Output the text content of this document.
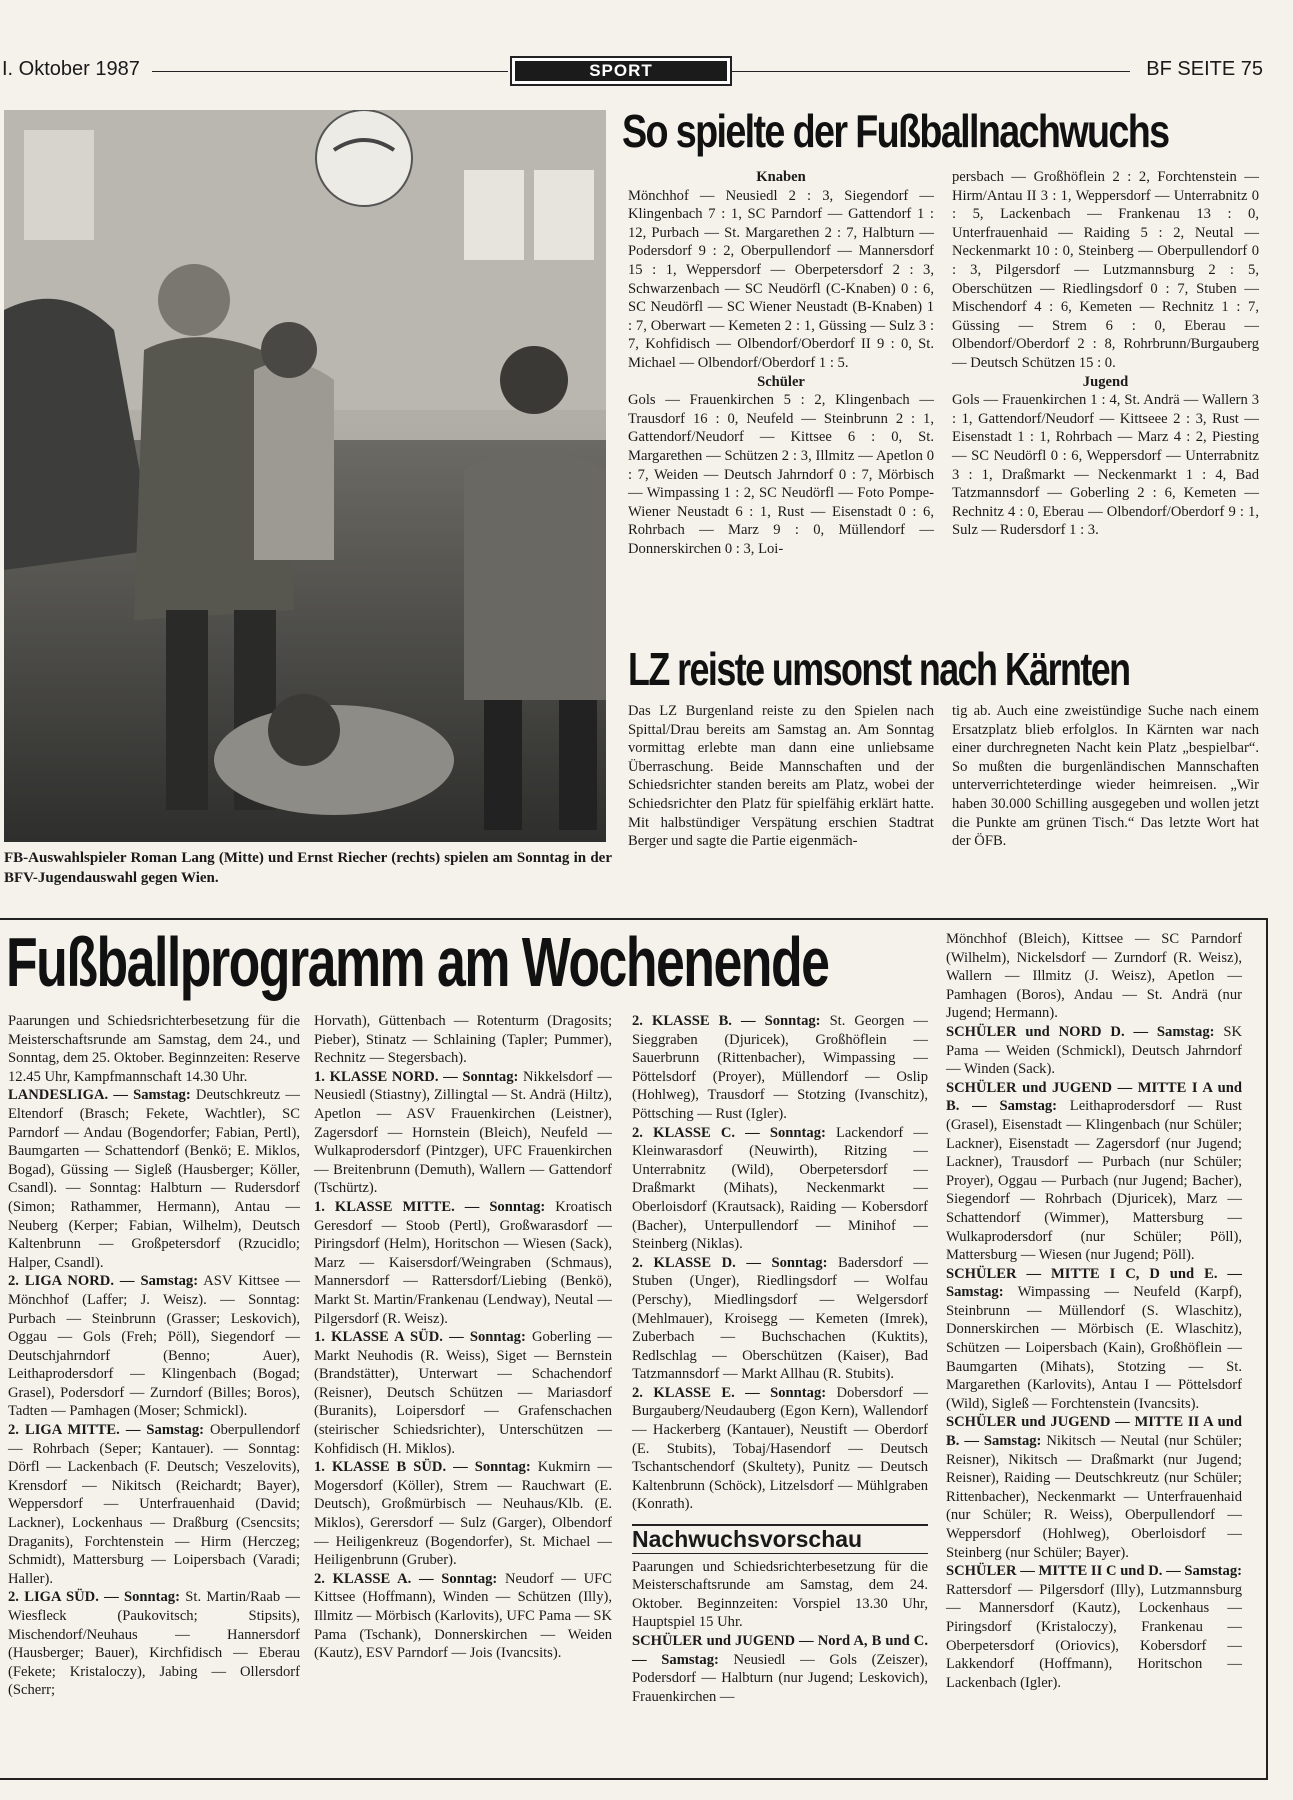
I. Oktober 1987	SPORT	BF SEITE 75
FB-Auswahlspieler Roman Lang (Mitte) und Ernst Riecher (rechts) spielen am Sonntag in der BFV-Jugendauswahl gegen Wien.
So spielte der Fußballnachwuchs

Knaben

Mönchhof — Neusiedl 2 : 3, Siegendorf — Klingenbach 7 : 1, SC Parndorf — Gattendorf 1 : 12, Purbach — St. Margarethen 2 : 7, Halbturn — Podersdorf 9 : 2, Oberpullendorf — Mannersdorf 15 : 1, Weppersdorf — Oberpetersdorf 2 : 3, Schwarzenbach — SC Neudörfl (C-Knaben) 0 : 6, SC Neudörfl — SC Wiener Neustadt (B-Knaben) 1 : 7, Oberwart — Kemeten 2 : 1, Güssing — Sulz 3 : 7, Kohfidisch — Olbendorf/Oberdorf II 9 : 0, St. Michael — Olbendorf/Oberdorf 1 : 5.

Schüler

Gols — Frauenkirchen 5 : 2, Klingenbach — Trausdorf 16 : 0, Neufeld — Steinbrunn 2 : 1, Gattendorf/Neudorf — Kittsee 6 : 0, St. Margarethen — Schützen 2 : 3, Illmitz — Apetlon 0 : 7, Weiden — Deutsch Jahrndorf 0 : 7, Mörbisch — Wimpassing 1 : 2, SC Neudörfl — Foto Pompe-Wiener Neustadt 6 : 1, Rust — Eisenstadt 0 : 6, Rohrbach — Marz 9 : 0, Müllendorf — Donnerskirchen 0 : 3, Loi-

persbach — Großhöflein 2 : 2, Forchtenstein — Hirm/Antau II 3 : 1, Weppersdorf — Unterrabnitz 0 : 5, Lackenbach — Frankenau 13 : 0, Unterfrauenhaid — Raiding 5 : 2, Neutal — Neckenmarkt 10 : 0, Steinberg — Oberpullendorf 0 : 3, Pilgersdorf — Lutzmannsburg 2 : 5, Oberschützen — Riedlingsdorf 0 : 7, Stuben — Mischendorf 4 : 6, Kemeten — Rechnitz 1 : 7, Güssing — Strem 6 : 0, Eberau — Olbendorf/Oberdorf 2 : 8, Rohrbrunn/Burgauberg — Deutsch Schützen 15 : 0.

Jugend

Gols — Frauenkirchen 1 : 4, St. Andrä — Wallern 3 : 1, Gattendorf/Neudorf — Kittseee 2 : 3, Rust — Eisenstadt 1 : 1, Rohrbach — Marz 4 : 2, Piesting — SC Neudörfl 0 : 6, Weppersdorf — Unterrabnitz 3 : 1, Draßmarkt — Neckenmarkt 1 : 4, Bad Tatzmannsdorf — Goberling 2 : 6, Kemeten — Rechnitz 4 : 0, Eberau — Olbendorf/Oberdorf 9 : 1, Sulz — Rudersdorf 1 : 3.

LZ reiste umsonst nach Kärnten

Das LZ Burgenland reiste zu den Spielen nach Spittal/Drau bereits am Samstag an. Am Sonntag vormittag erlebte man dann eine unliebsame Überraschung. Beide Mannschaften und der Schiedsrichter standen bereits am Platz, wobei der Schiedsrichter den Platz für spielfähig erklärt hatte. Mit halbstündiger Verspätung erschien Stadtrat Berger und sagte die Partie eigenmäch-

tig ab. Auch eine zweistündige Suche nach einem Ersatzplatz blieb erfolglos. In Kärnten war nach einer durchregneten Nacht kein Platz „bespielbar“. So mußten die burgenländischen Mannschaften unterverrichteterdinge wieder heimreisen. „Wir haben 30.000 Schilling ausgegeben und wollen jetzt die Punkte am grünen Tisch.“ Das letzte Wort hat der ÖFB.

Fußballprogramm am Wochenende

Paarungen und Schiedsrichterbesetzung für die Meisterschaftsrunde am Samstag, dem 24., und Sonntag, dem 25. Oktober. Beginnzeiten: Reserve 12.45 Uhr, Kampfmannschaft 14.30 Uhr.

LANDESLIGA. — Samstag: Deutschkreutz — Eltendorf (Brasch; Fekete, Wachtler), SC Parndorf — Andau (Bogendorfer; Fabian, Pertl), Baumgarten — Schattendorf (Benkö; E. Miklos, Bogad), Güssing — Sigleß (Hausberger; Köller, Csandl). — Sonntag: Halbturn — Rudersdorf (Simon; Rathammer, Hermann), Antau — Neuberg (Kerper; Fabian, Wilhelm), Deutsch Kaltenbrunn — Großpetersdorf (Rzucidlo; Halper, Csandl).

2. LIGA NORD. — Samstag: ASV Kittsee — Mönchhof (Laffer; J. Weisz). — Sonntag: Purbach — Steinbrunn (Grasser; Leskovich), Oggau — Gols (Freh; Pöll), Siegendorf — Deutschjahrndorf (Benno; Auer), Leithaprodersdorf — Klingenbach (Bogad; Grasel), Podersdorf — Zurndorf (Billes; Boros), Tadten — Pamhagen (Moser; Schmickl).

2. LIGA MITTE. — Samstag: Oberpullendorf — Rohrbach (Seper; Kantauer). — Sonntag: Dörfl — Lackenbach (F. Deutsch; Veszelovits), Krensdorf — Nikitsch (Reichardt; Bayer), Weppersdorf — Unterfrauenhaid (David; Lackner), Lockenhaus — Draßburg (Csencsits; Draganits), Forchtenstein — Hirm (Herczeg; Schmidt), Mattersburg — Loipersbach (Varadi; Haller).

2. LIGA SÜD. — Sonntag: St. Martin/Raab — Wiesfleck (Paukovitsch; Stipsits), Mischendorf/Neuhaus — Hannersdorf (Hausberger; Bauer), Kirchfidisch — Eberau (Fekete; Kristaloczy), Jabing — Ollersdorf (Scherr;

Horvath), Güttenbach — Rotenturm (Dragosits; Pieber), Stinatz — Schlaining (Tapler; Pummer), Rechnitz — Stegersbach).

1. KLASSE NORD. — Sonntag: Nikkelsdorf — Neusiedl (Stiastny), Zillingtal — St. Andrä (Hiltz), Apetlon — ASV Frauenkirchen (Leistner), Zagersdorf — Hornstein (Bleich), Neufeld — Wulkaprodersdorf (Pintzger), UFC Frauenkirchen — Breitenbrunn (Demuth), Wallern — Gattendorf (Tschürtz).

1. KLASSE MITTE. — Sonntag: Kroatisch Geresdorf — Stoob (Pertl), Großwarasdorf — Piringsdorf (Helm), Horitschon — Wiesen (Sack), Marz — Kaisersdorf/Weingraben (Schmaus), Mannersdorf — Rattersdorf/Liebing (Benkö), Markt St. Martin/Frankenau (Lendway), Neutal — Pilgersdorf (R. Weisz).

1. KLASSE A SÜD. — Sonntag: Goberling — Markt Neuhodis (R. Weiss), Siget — Bernstein (Brandstätter), Unterwart — Schachendorf (Reisner), Deutsch Schützen — Mariasdorf (Buranits), Loipersdorf — Grafenschachen (steirischer Schiedsrichter), Unterschützen — Kohfidisch (H. Miklos).

1. KLASSE B SÜD. — Sonntag: Kukmirn — Mogersdorf (Köller), Strem — Rauchwart (E. Deutsch), Großmürbisch — Neuhaus/Klb. (E. Miklos), Gerersdorf — Sulz (Garger), Olbendorf — Heiligenkreuz (Bogendorfer), St. Michael — Heiligenbrunn (Gruber).

2. KLASSE A. — Sonntag: Neudorf — UFC Kittsee (Hoffmann), Winden — Schützen (Illy), Illmitz — Mörbisch (Karlovits), UFC Pama — SK Pama (Tschank), Donnerskirchen — Weiden (Kautz), ESV Parndorf — Jois (Ivancsits).

2. KLASSE B. — Sonntag: St. Georgen — Sieggraben (Djuricek), Großhöflein — Sauerbrunn (Rittenbacher), Wimpassing — Pöttelsdorf (Proyer), Müllendorf — Oslip (Hohlweg), Trausdorf — Stotzing (Ivanschitz), Pöttsching — Rust (Igler).

2. KLASSE C. — Sonntag: Lackendorf — Kleinwarasdorf (Neuwirth), Ritzing — Unterrabnitz (Wild), Oberpetersdorf — Draßmarkt (Mihats), Neckenmarkt — Oberloisdorf (Krautsack), Raiding — Kobersdorf (Bacher), Unterpullendorf — Minihof — Steinberg (Niklas).

2. KLASSE D. — Sonntag: Badersdorf — Stuben (Unger), Riedlingsdorf — Wolfau (Perschy), Miedlingsdorf — Welgersdorf (Mehlmauer), Kroisegg — Kemeten (Imrek), Zuberbach — Buchschachen (Kuktits), Redlschlag — Oberschützen (Kaiser), Bad Tatzmannsdorf — Markt Allhau (R. Stubits).

2. KLASSE E. — Sonntag: Dobersdorf — Burgauberg/Neudauberg (Egon Kern), Wallendorf — Hackerberg (Kantauer), Neustift — Oberdorf (E. Stubits), Tobaj/Hasendorf — Deutsch Tschantschendorf (Skultety), Punitz — Deutsch Kaltenbrunn (Schöck), Litzelsdorf — Mühlgraben (Konrath).

Nachwuchsvorschau

Paarungen und Schiedsrichterbesetzung für die Meisterschaftsrunde am Samstag, dem 24. Oktober. Beginnzeiten: Vorspiel 13.30 Uhr, Hauptspiel 15 Uhr.

SCHÜLER und JUGEND — Nord A, B und C. — Samstag: Neusiedl — Gols (Zeiszer), Podersdorf — Halbturn (nur Jugend; Leskovich), Frauenkirchen —

Mönchhof (Bleich), Kittsee — SC Parndorf (Wilhelm), Nickelsdorf — Zurndorf (R. Weisz), Wallern — Illmitz (J. Weisz), Apetlon — Pamhagen (Boros), Andau — St. Andrä (nur Jugend; Hermann).

SCHÜLER und NORD D. — Samstag: SK Pama — Weiden (Schmickl), Deutsch Jahrndorf — Winden (Sack).

SCHÜLER und JUGEND — MITTE I A und B. — Samstag: Leithaprodersdorf — Rust (Grasel), Eisenstadt — Klingenbach (nur Schüler; Lackner), Eisenstadt — Zagersdorf (nur Jugend; Lackner), Trausdorf — Purbach (nur Schüler; Proyer), Oggau — Purbach (nur Jugend; Bacher), Siegendorf — Rohrbach (Djuricek), Marz — Schattendorf (Wimmer), Mattersburg — Wulkaprodersdorf (nur Schüler; Pöll), Mattersburg — Wiesen (nur Jugend; Pöll).

SCHÜLER — MITTE I C, D und E. — Samstag: Wimpassing — Neufeld (Karpf), Steinbrunn — Müllendorf (S. Wlaschitz), Donnerskirchen — Mörbisch (E. Wlaschitz), Schützen — Loipersbach (Kain), Großhöflein — Baumgarten (Mihats), Stotzing — St. Margarethen (Karlovits), Antau I — Pöttelsdorf (Wild), Sigleß — Forchtenstein (Ivancsits).

SCHÜLER und JUGEND — MITTE II A und B. — Samstag: Nikitsch — Neutal (nur Schüler; Reisner), Nikitsch — Draßmarkt (nur Jugend; Reisner), Raiding — Deutschkreutz (nur Schüler; Rittenbacher), Neckenmarkt — Unterfrauenhaid (nur Schüler; R. Weiss), Oberpullendorf — Weppersdorf (Hohlweg), Oberloisdorf — Steinberg (nur Schüler; Bayer).

SCHÜLER — MITTE II C und D. — Samstag: Rattersdorf — Pilgersdorf (Illy), Lutzmannsburg — Mannersdorf (Kautz), Lockenhaus — Piringsdorf (Kristaloczy), Frankenau — Oberpetersdorf (Oriovics), Kobersdorf — Lakkendorf (Hoffmann), Horitschon — Lackenbach (Igler).
